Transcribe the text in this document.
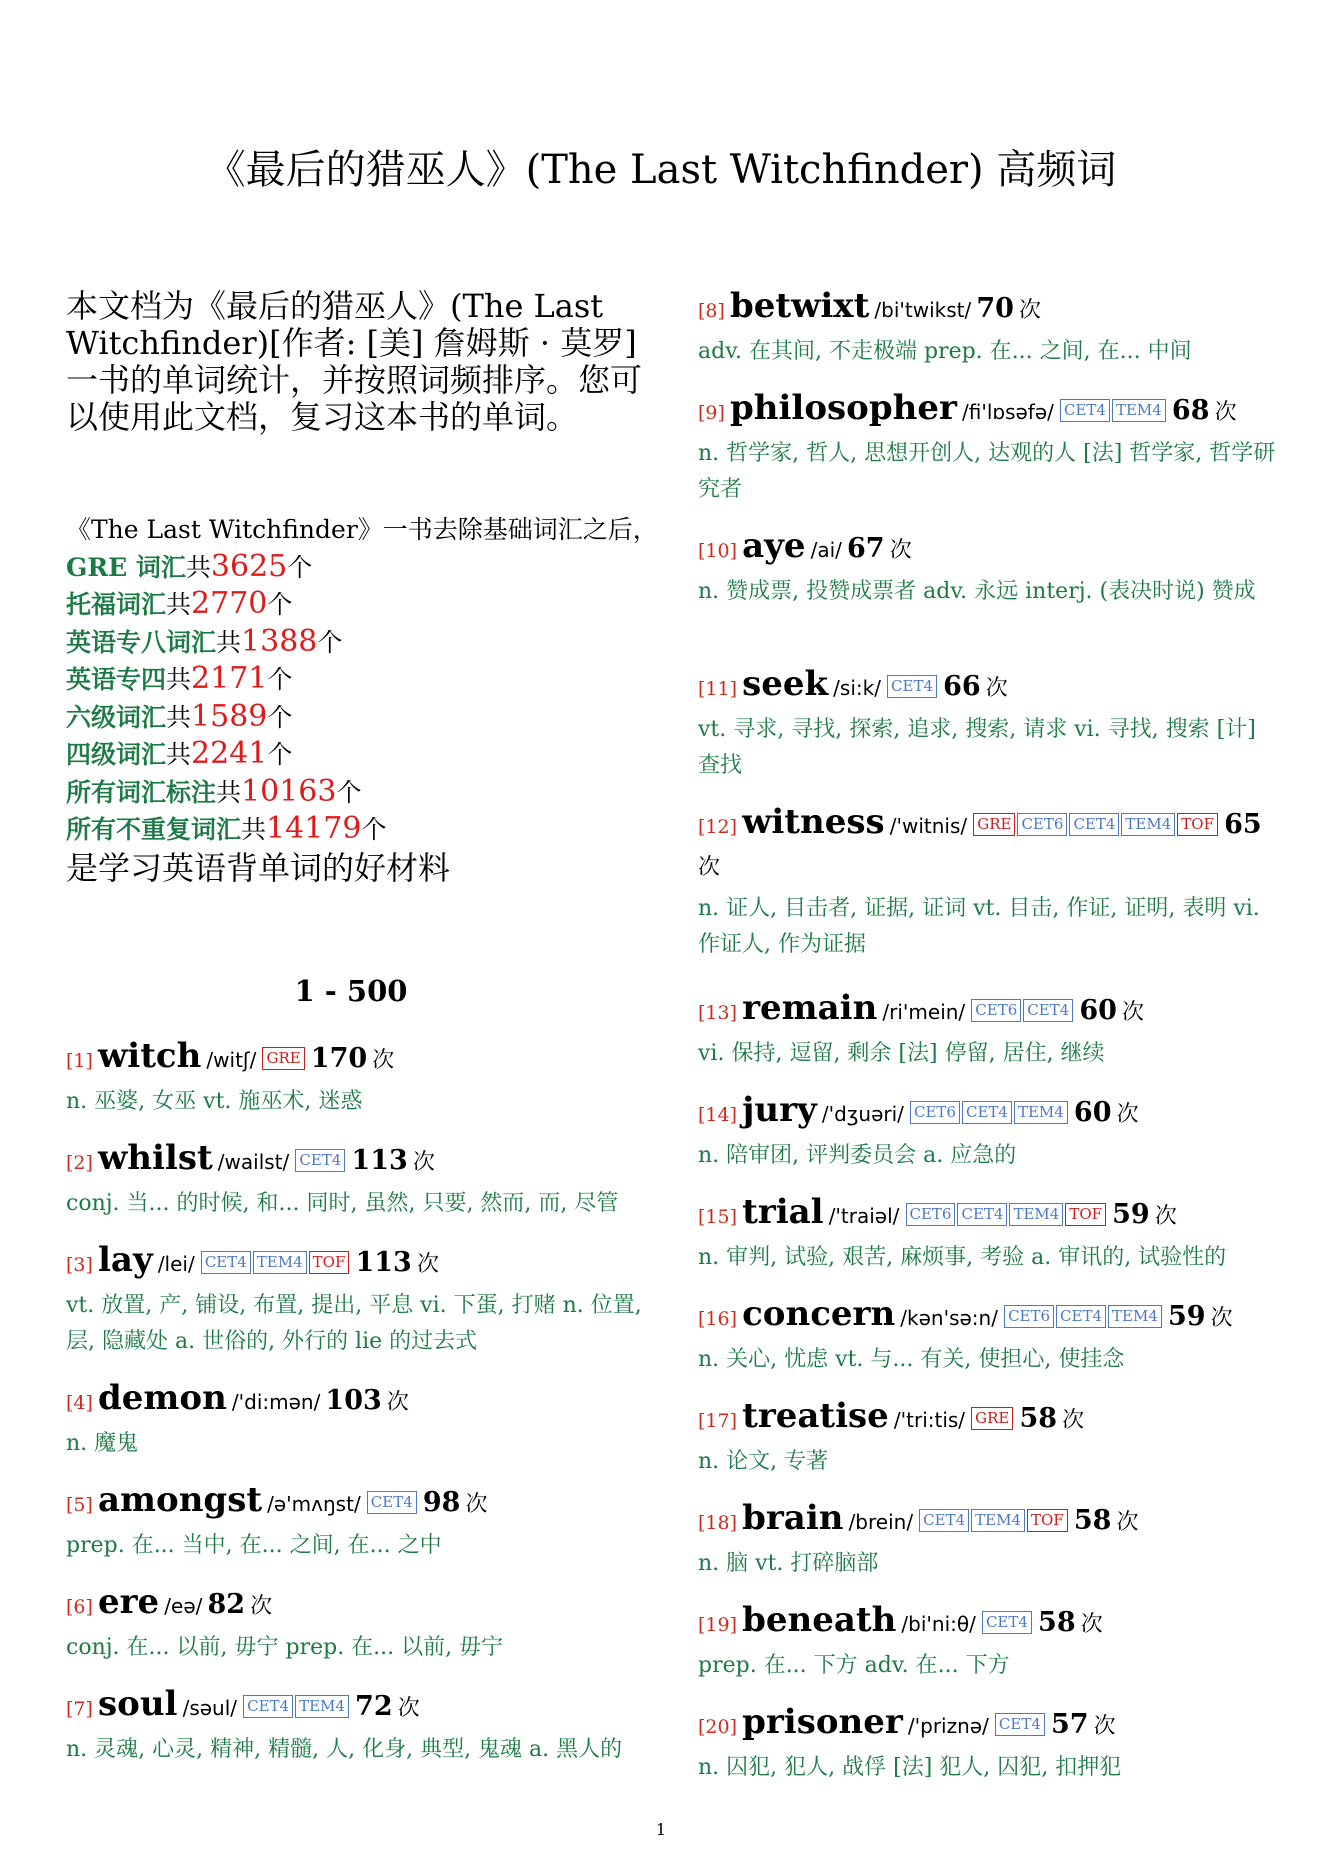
《最后的猎巫人》(The Last Witchfinder) 高频词
本文档为《最后的猎巫人》(The Last Witchfinder)[作者: [美] 詹姆斯 · 莫罗] 一书的单词统计，并按照词频排序。您可以使用此文档，复习这本书的单词。
《The Last Witchfinder》一书去除基础词汇之后，
GRE 词汇共3625个
托福词汇共2770个
英语专八词汇共1388个
英语专四共2171个
六级词汇共1589个
四级词汇共2241个
所有词汇标注共10163个
所有不重复词汇共14179个
是学习英语背单词的好材料
1 - 500
[1] witch /witʃ/ GRE 170 次
n. 巫婆, 女巫 vt. 施巫术, 迷惑
[2] whilst /wailst/ CET4 113 次
conj. 当... 的时候, 和... 同时, 虽然, 只要, 然而, 而, 尽管
[3] lay /lei/ CET4 TEM4 TOF 113 次
vt. 放置, 产, 铺设, 布置, 提出, 平息 vi. 下蛋, 打赌 n. 位置, 层, 隐藏处 a. 世俗的, 外行的 lie 的过去式
[4] demon /'di:mən/ 103 次
n. 魔鬼
[5] amongst /ə'mʌŋst/ CET4 98 次
prep. 在... 当中, 在... 之间, 在... 之中
[6] ere /eə/ 82 次
conj. 在... 以前, 毋宁 prep. 在... 以前, 毋宁
[7] soul /səul/ CET4 TEM4 72 次
n. 灵魂, 心灵, 精神, 精髓, 人, 化身, 典型, 鬼魂 a. 黑人的
[8] betwixt /bi'twikst/ 70 次
adv. 在其间, 不走极端 prep. 在... 之间, 在... 中间
[9] philosopher /fi'lɒsəfə/ CET4 TEM4 68 次
n. 哲学家, 哲人, 思想开创人, 达观的人 [法] 哲学家, 哲学研究者
[10] aye /ai/ 67 次
n. 赞成票, 投赞成票者 adv. 永远 interj. (表决时说) 赞成
[11] seek /si:k/ CET4 66 次
vt. 寻求, 寻找, 探索, 追求, 搜索, 请求 vi. 寻找, 搜索 [计] 查找
[12] witness /'witnis/ GRE CET6 CET4 TEM4 TOF 65 次
n. 证人, 目击者, 证据, 证词 vt. 目击, 作证, 证明, 表明 vi. 作证人, 作为证据
[13] remain /ri'mein/ CET6 CET4 60 次
vi. 保持, 逗留, 剩余 [法] 停留, 居住, 继续
[14] jury /'dʒuəri/ CET6 CET4 TEM4 60 次
n. 陪审团, 评判委员会 a. 应急的
[15] trial /'traiəl/ CET6 CET4 TEM4 TOF 59 次
n. 审判, 试验, 艰苦, 麻烦事, 考验 a. 审讯的, 试验性的
[16] concern /kən'sə:n/ CET6 CET4 TEM4 59 次
n. 关心, 忧虑 vt. 与... 有关, 使担心, 使挂念
[17] treatise /'tri:tis/ GRE 58 次
n. 论文, 专著
[18] brain /brein/ CET4 TEM4 TOF 58 次
n. 脑 vt. 打碎脑部
[19] beneath /bi'ni:θ/ CET4 58 次
prep. 在... 下方 adv. 在... 下方
[20] prisoner /'priznə/ CET4 57 次
n. 囚犯, 犯人, 战俘 [法] 犯人, 囚犯, 扣押犯
1
